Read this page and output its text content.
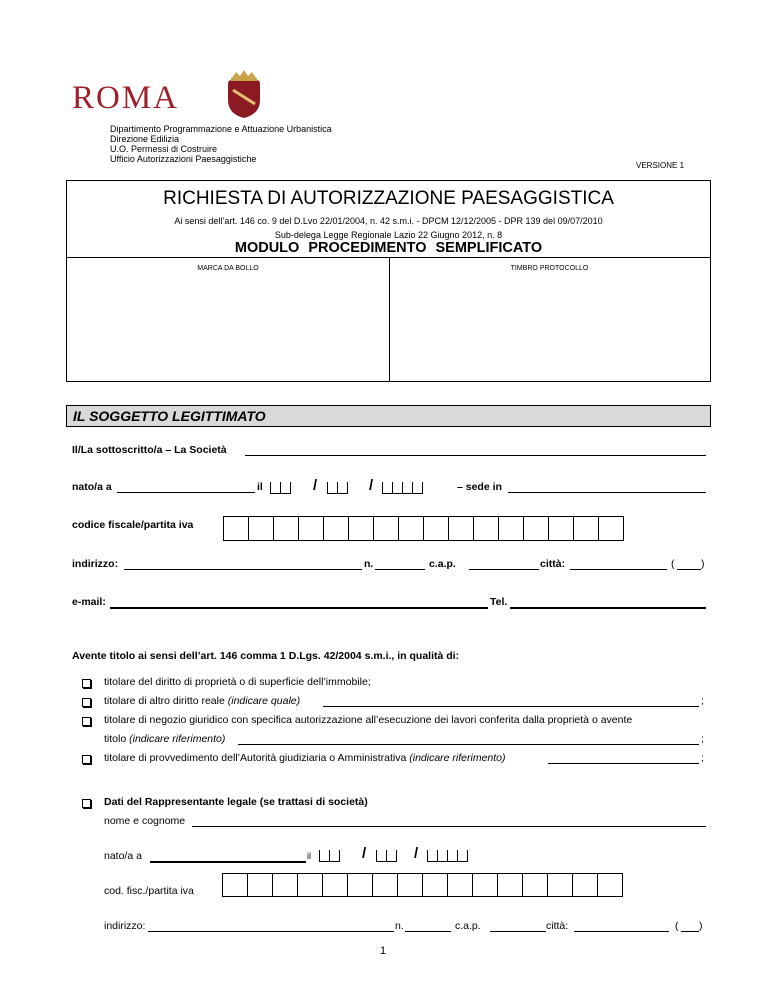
ROMA
Dipartimento Programmazione e Attuazione Urbanistica
Direzione Edilizia
U.O. Permessi di Costruire
Ufficio Autorizzazioni Paesaggistiche
VERSIONE 1
RICHIESTA DI AUTORIZZAZIONE PAESAGGISTICA
Ai sensi dell’art. 146 co. 9 del D.Lvo 22/01/2004, n. 42 s.m.i. - DPCM 12/12/2005 - DPR 139 del 09/07/2010
Sub-delega Legge Regionale Lazio 22 Giugno 2012, n. 8
MODULO PROCEDIMENTO SEMPLIFICATO
MARCA DA BOLLO	TIMBRO PROTOCOLLO
IL SOGGETTO LEGITTIMATO
Il/La sottoscritto/a – La Società
nato/a a	il	/	/	– sede in
codice fiscale/partita iva
indirizzo:	n.	c.a.p.	città:	(	)
e-mail:	Tel.
Avente titolo ai sensi dell’art. 146 comma 1 D.Lgs. 42/2004 s.m.i., in qualità di:
titolare del diritto di proprietà o di superficie dell’immobile;
titolare di altro diritto reale (indicare quale)	;
titolare di negozio giuridico con specifica autorizzazione all’esecuzione dei lavori conferita dalla proprietà o avente
titolo (indicare riferimento)	;
titolare di provvedimento dell’Autorità giudiziaria o Amministrativa (indicare riferimento)	;
Dati del Rappresentante legale (se trattasi di società)
nome e cognome
nato/a a	il	/	/
cod. fisc./partita iva
indirizzo:	n.	c.a.p.	città:	( )
1
